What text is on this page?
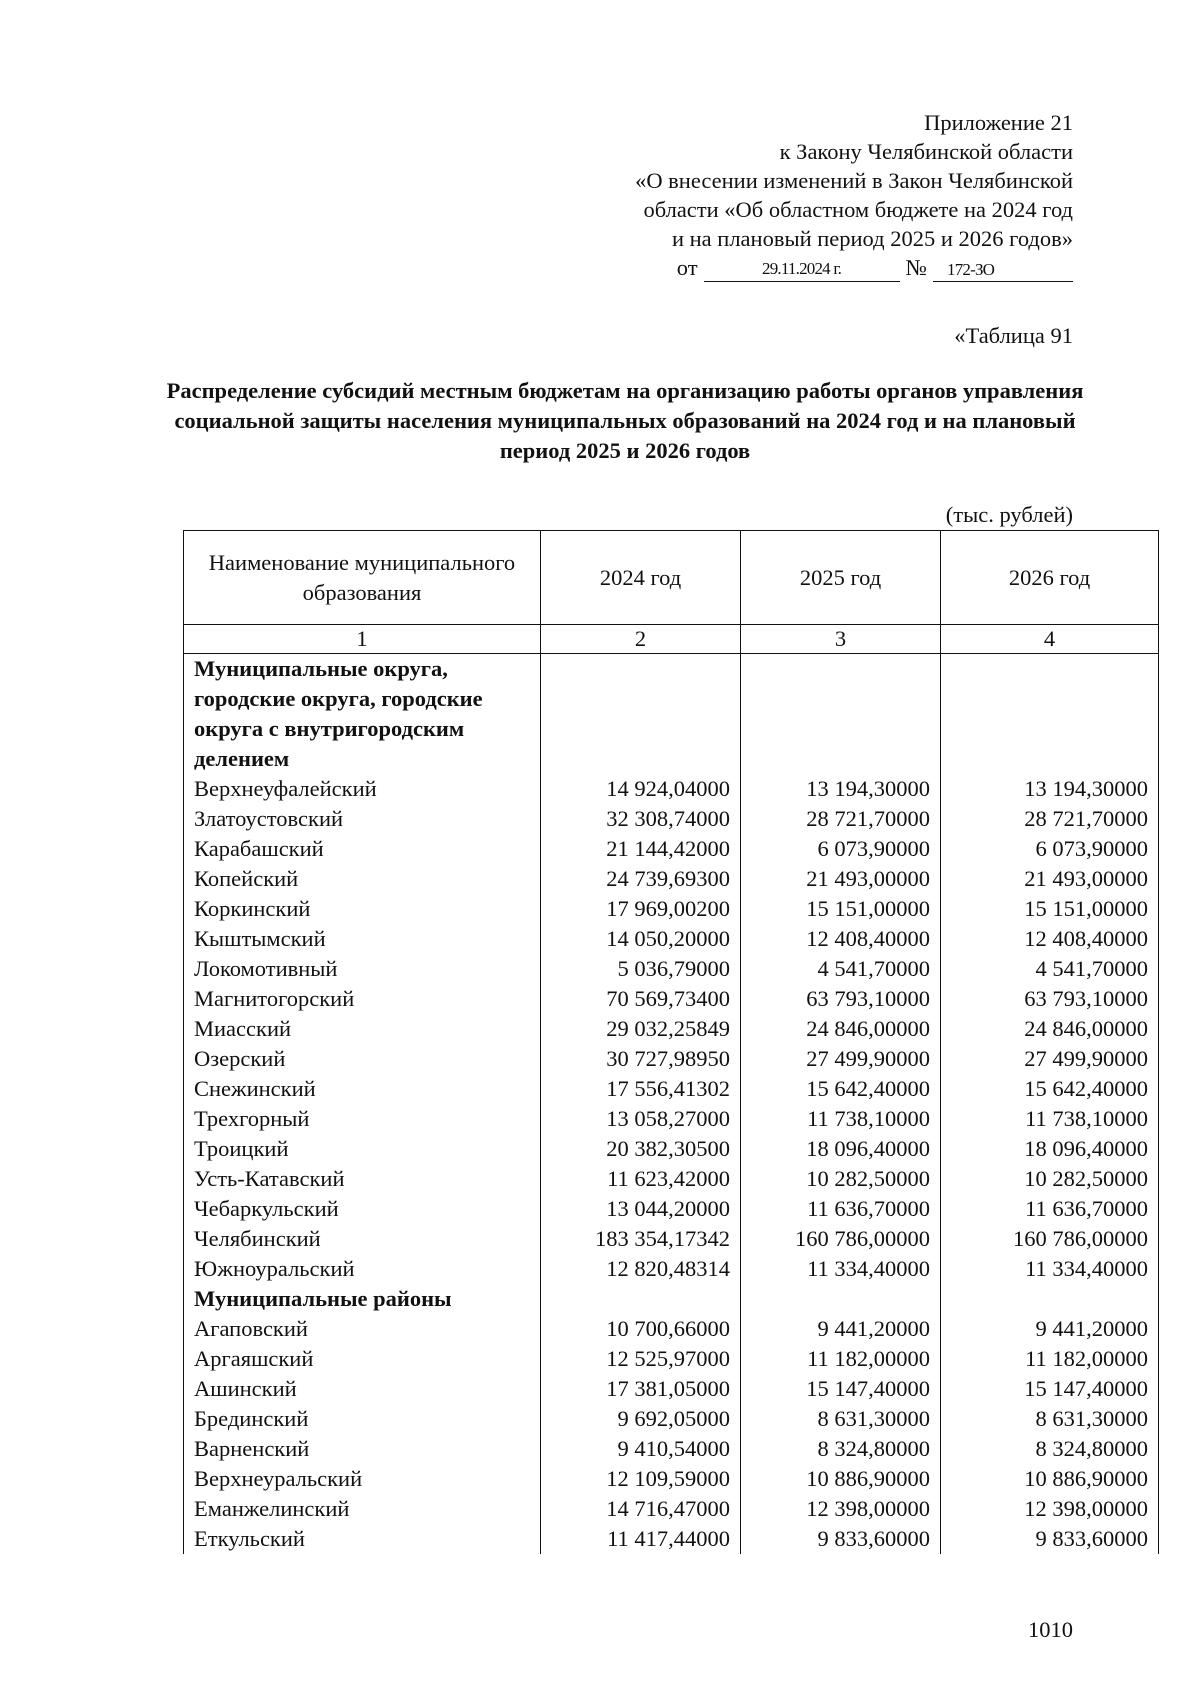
Приложение 21
к Закону Челябинской области
«О внесении изменений в Закон Челябинской
области «Об областном бюджете на 2024 год
и на плановый период 2025 и 2026 годов»
от	29.11.2024 г.	№	172-ЗО
«Таблица 91
Распределение субсидий местным бюджетам на организацию работы органов управления социальной защиты населения муниципальных образований на 2024 год и на плановый период 2025 и 2026 годов
(тыс. рублей)
Наименование муниципального образования	2024 год	2025 год	2026 год
1	2	3	4
Муниципальные округа, городские округа, городские округа с внутригородским делением			
Верхнеуфалейский	14 924,04000	13 194,30000	13 194,30000
Златоустовский	32 308,74000	28 721,70000	28 721,70000
Карабашский	21 144,42000	6 073,90000	6 073,90000
Копейский	24 739,69300	21 493,00000	21 493,00000
Коркинский	17 969,00200	15 151,00000	15 151,00000
Кыштымский	14 050,20000	12 408,40000	12 408,40000
Локомотивный	5 036,79000	4 541,70000	4 541,70000
Магнитогорский	70 569,73400	63 793,10000	63 793,10000
Миасский	29 032,25849	24 846,00000	24 846,00000
Озерский	30 727,98950	27 499,90000	27 499,90000
Снежинский	17 556,41302	15 642,40000	15 642,40000
Трехгорный	13 058,27000	11 738,10000	11 738,10000
Троицкий	20 382,30500	18 096,40000	18 096,40000
Усть-Катавский	11 623,42000	10 282,50000	10 282,50000
Чебаркульский	13 044,20000	11 636,70000	11 636,70000
Челябинский	183 354,17342	160 786,00000	160 786,00000
Южноуральский	12 820,48314	11 334,40000	11 334,40000
Муниципальные районы			
Агаповский	10 700,66000	9 441,20000	9 441,20000
Аргаяшский	12 525,97000	11 182,00000	11 182,00000
Ашинский	17 381,05000	15 147,40000	15 147,40000
Брединский	9 692,05000	8 631,30000	8 631,30000
Варненский	9 410,54000	8 324,80000	8 324,80000
Верхнеуральский	12 109,59000	10 886,90000	10 886,90000
Еманжелинский	14 716,47000	12 398,00000	12 398,00000
Еткульский	11 417,44000	9 833,60000	9 833,60000
1010
